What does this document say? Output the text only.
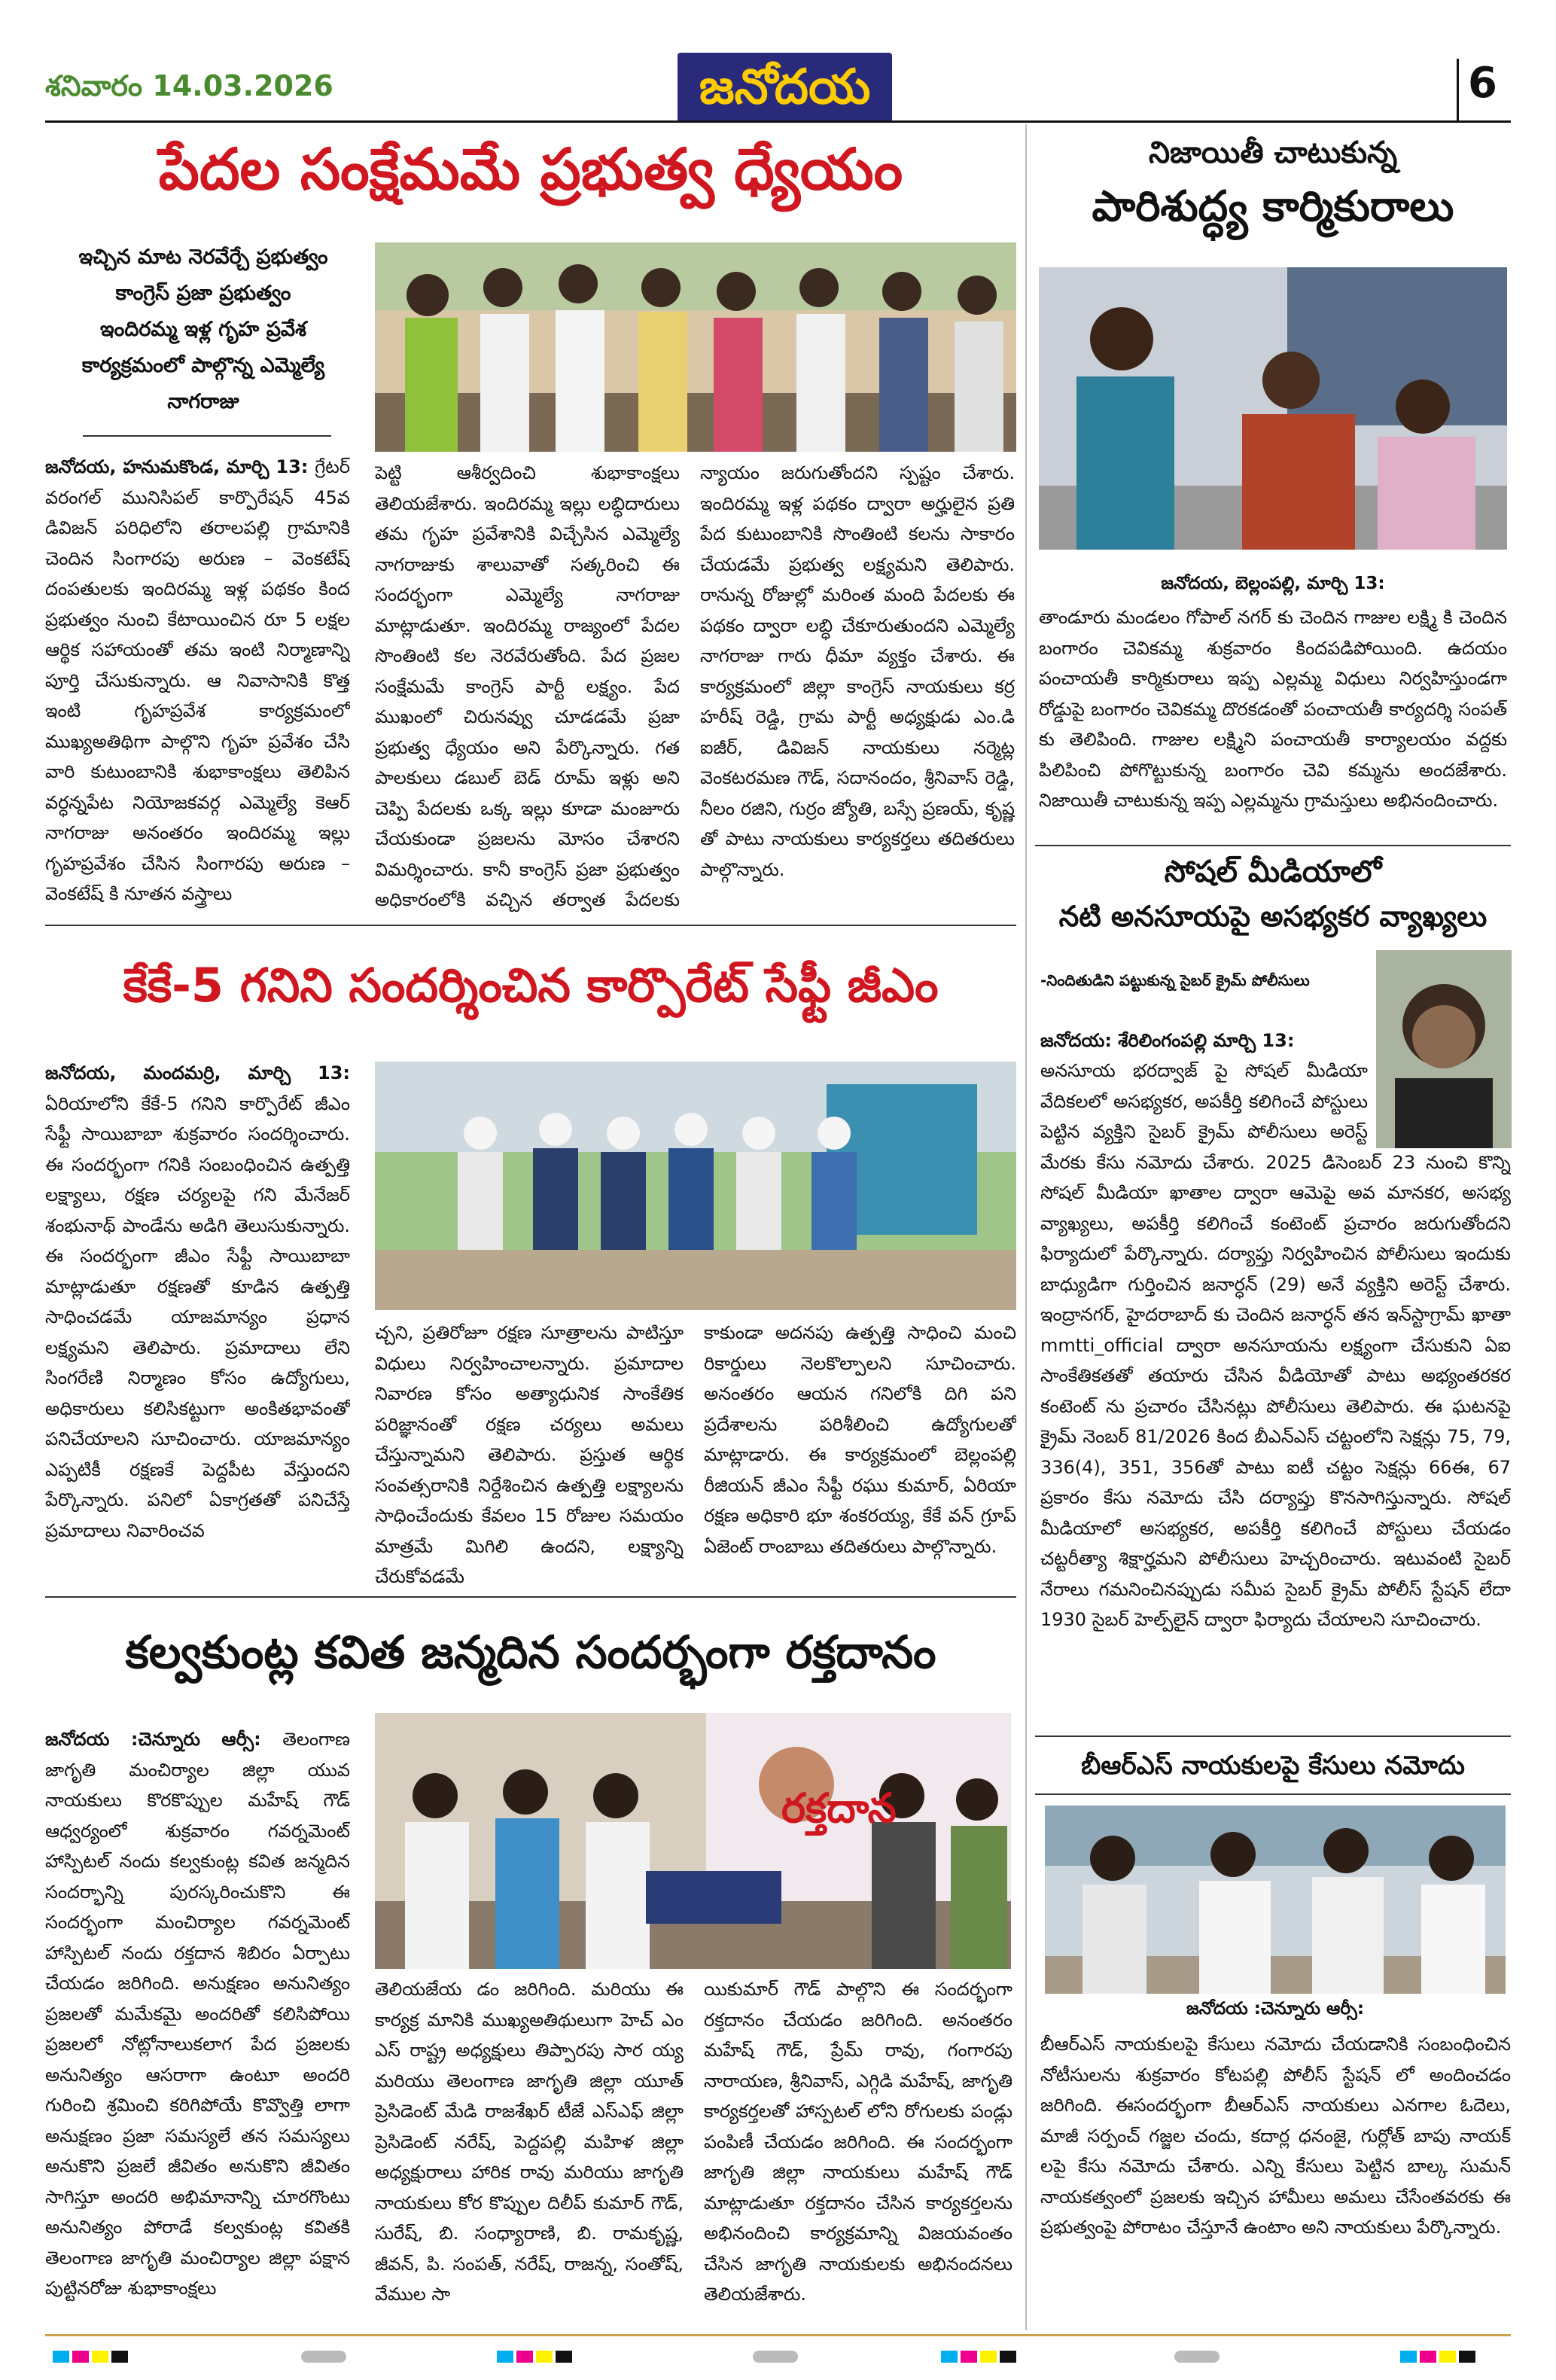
శనివారం 14.03.2026	జనోదయ	6
పేదల సంక్షేమమే ప్రభుత్వ ధ్యేయం
ఇచ్చిన మాట నెరవేర్చే ప్రభుత్వం
కాంగ్రెస్ ప్రజా ప్రభుత్వం
ఇందిరమ్మ ఇళ్ల గృహ ప్రవేశ
కార్యక్రమంలో పాల్గొన్న ఎమ్మెల్యే
నాగరాజు
జనోదయ, హనుమకొండ, మార్చి 13: గ్రేటర్ వరంగల్ మునిసిపల్ కార్పొరేషన్ 45వ డివిజన్ పరిధిలోని తరాలపల్లి గ్రామానికి చెందిన సింగారపు అరుణ – వెంకటేష్ దంపతులకు ఇందిరమ్మ ఇళ్ల పథకం కింద ప్రభుత్వం నుంచి కేటాయించిన రూ 5 లక్షల ఆర్థిక సహాయంతో తమ ఇంటి నిర్మాణాన్ని పూర్తి చేసుకున్నారు. ఆ నివాసానికి కొత్త ఇంటి గృహప్రవేశ కార్యక్రమంలో ముఖ్యఅతిథిగా పాల్గొని గృహ ప్రవేశం చేసి వారి కుటుంబానికి శుభాకాంక్షలు తెలిపిన వర్ధన్నపేట నియోజకవర్గ ఎమ్మెల్యే కెఆర్ నాగరాజు అనంతరం ఇందిరమ్మ ఇల్లు గృహప్రవేశం చేసిన సింగారపు అరుణ – వెంకటేష్ కి నూతన వస్త్రాలు
పెట్టి ఆశీర్వదించి శుభాకాంక్షలు తెలియజేశారు. ఇందిరమ్మ ఇల్లు లబ్ధిదారులు తమ గృహ ప్రవేశానికి విచ్చేసిన ఎమ్మెల్యే నాగరాజుకు శాలువాతో సత్కరించి ఈ సందర్భంగా ఎమ్మెల్యే నాగరాజు మాట్లాడుతూ. ఇందిరమ్మ రాజ్యంలో పేదల సొంతింటి కల నెరవేరుతోంది. పేద ప్రజల సంక్షేమమే కాంగ్రెస్ పార్టీ లక్ష్యం. పేద ముఖంలో చిరునవ్వు చూడడమే ప్రజా ప్రభుత్వ ధ్యేయం అని పేర్కొన్నారు. గత పాలకులు డబుల్ బెడ్ రూమ్ ఇళ్లు అని చెప్పి పేదలకు ఒక్క ఇల్లు కూడా మంజూరు చేయకుండా ప్రజలను మోసం చేశారని విమర్శించారు. కానీ కాంగ్రెస్ ప్రజా ప్రభుత్వం అధికారంలోకి వచ్చిన తర్వాత పేదలకు
న్యాయం జరుగుతోందని స్పష్టం చేశారు. ఇందిరమ్మ ఇళ్ల పథకం ద్వారా అర్హులైన ప్రతి పేద కుటుంబానికి సొంతింటి కలను సాకారం చేయడమే ప్రభుత్వ లక్ష్యమని తెలిపారు. రానున్న రోజుల్లో మరింత మంది పేదలకు ఈ పథకం ద్వారా లబ్ధి చేకూరుతుందని ఎమ్మెల్యే నాగరాజు గారు ధీమా వ్యక్తం చేశారు. ఈ కార్యక్రమంలో జిల్లా కాంగ్రెస్ నాయకులు కర్ర హరీష్ రెడ్డి, గ్రామ పార్టీ అధ్యక్షుడు ఎం.డి ఐజీర్, డివిజన్ నాయకులు నర్మెట్ల వెంకటరమణ గౌడ్, సదానందం, శ్రీనివాస్ రెడ్డి, నీలం రజిని, గుర్రం జ్యోతి, బస్సే ప్రణయ్, కృష్ణ తో పాటు నాయకులు కార్యకర్తలు తదితరులు పాల్గొన్నారు.
నిజాయితీ చాటుకున్న
పారిశుద్ధ్య కార్మికురాలు
జనోదయ, బెల్లంపల్లి, మార్చి 13:
తాండూరు మండలం గోపాల్ నగర్ కు చెందిన గాజుల లక్ష్మి కి చెందిన బంగారం చెవికమ్మ శుక్రవారం కిందపడిపోయింది. ఉదయం పంచాయతీ కార్మికురాలు ఇప్ప ఎల్లమ్మ విధులు నిర్వహిస్తుండగా రోడ్డుపై బంగారం చెవికమ్మ దొరకడంతో పంచాయతీ కార్యదర్శి సంపత్ కు తెలిపింది. గాజుల లక్ష్మిని పంచాయతీ కార్యాలయం వద్దకు పిలిపించి పోగొట్టుకున్న బంగారం చెవి కమ్మను అందజేశారు. నిజాయితీ చాటుకున్న ఇప్ప ఎల్లమ్మను గ్రామస్తులు అభినందించారు.
సోషల్ మీడియాలో
నటి అనసూయపై అసభ్యకర వ్యాఖ్యలు
-నిందితుడిని పట్టుకున్న సైబర్ క్రైమ్ పోలీసులు
జనోదయ: శేరిలింగంపల్లి మార్చి 13:
అనసూయ భరద్వాజ్ పై సోషల్ మీడియా వేదికలలో అసభ్యకర, అపకీర్తి కలిగించే పోస్టులు పెట్టిన వ్యక్తిని సైబర్ క్రైమ్ పోలీసులు అరెస్ట్
మేరకు కేసు నమోదు చేశారు. 2025 డిసెంబర్ 23 నుంచి కొన్ని సోషల్ మీడియా ఖాతాల ద్వారా ఆమెపై అవ మానకర, అసభ్య వ్యాఖ్యలు, అపకీర్తి కలిగించే కంటెంట్ ప్రచారం జరుగుతోందని ఫిర్యాదులో పేర్కొన్నారు. దర్యాప్తు నిర్వహించిన పోలీసులు ఇందుకు బాధ్యుడిగా గుర్తించిన జనార్ధన్ (29) అనే వ్యక్తిని అరెస్ట్ చేశారు. ఇంద్రానగర్, హైదరాబాద్ కు చెందిన జనార్ధన్ తన ఇన్‌స్టాగ్రామ్ ఖాతా mmtti_official ద్వారా అనసూయను లక్ష్యంగా చేసుకుని ఏఐ సాంకేతికతతో తయారు చేసిన వీడియోతో పాటు అభ్యంతరకర కంటెంట్ ను ప్రచారం చేసినట్లు పోలీసులు తెలిపారు. ఈ ఘటనపై క్రైమ్ నెంబర్ 81/2026 కింద బీఎన్ఎస్ చట్టంలోని సెక్షన్లు 75, 79, 336(4), 351, 356తో పాటు ఐటీ చట్టం సెక్షన్లు 66ఈ, 67 ప్రకారం కేసు నమోదు చేసి దర్యాప్తు కొనసాగిస్తున్నారు. సోషల్ మీడియాలో అసభ్యకర, అపకీర్తి కలిగించే పోస్టులు చేయడం చట్టరీత్యా శిక్షార్హమని పోలీసులు హెచ్చరించారు. ఇటువంటి సైబర్ నేరాలు గమనించినప్పుడు సమీప సైబర్ క్రైమ్ పోలీస్ స్టేషన్ లేదా 1930 సైబర్ హెల్ప్‌లైన్ ద్వారా ఫిర్యాదు చేయాలని సూచించారు.
కేకే-5 గనిని సందర్శించిన కార్పొరేట్ సేఫ్టీ జీఎం
జనోదయ, మందమర్రి, మార్చి 13: ఏరియాలోని కేకే-5 గనిని కార్పొరేట్ జీఎం సేఫ్టీ సాయిబాబా శుక్రవారం సందర్శించారు. ఈ సందర్భంగా గనికి సంబంధించిన ఉత్పత్తి లక్ష్యాలు, రక్షణ చర్యలపై గని మేనేజర్ శంభునాథ్ పాండేను అడిగి తెలుసుకున్నారు. ఈ సందర్భంగా జీఎం సేఫ్టీ సాయిబాబా మాట్లాడుతూ రక్షణతో కూడిన ఉత్పత్తి సాధించడమే యాజమాన్యం ప్రధాన లక్ష్యమని తెలిపారు. ప్రమాదాలు లేని సింగరేణి నిర్మాణం కోసం ఉద్యోగులు, అధికారులు కలిసికట్టుగా అంకితభావంతో పనిచేయాలని సూచించారు. యాజమాన్యం ఎప్పటికీ రక్షణకే పెద్దపీట వేస్తుందని పేర్కొన్నారు. పనిలో ఏకాగ్రతతో పనిచేస్తే ప్రమాదాలు నివారించవ
చ్చని, ప్రతిరోజూ రక్షణ సూత్రాలను పాటిస్తూ విధులు నిర్వహించాలన్నారు. ప్రమాదాల నివారణ కోసం అత్యాధునిక సాంకేతిక పరిజ్ఞానంతో రక్షణ చర్యలు అమలు చేస్తున్నామని తెలిపారు. ప్రస్తుత ఆర్థిక సంవత్సరానికి నిర్దేశించిన ఉత్పత్తి లక్ష్యాలను సాధించేందుకు కేవలం 15 రోజుల సమయం మాత్రమే మిగిలి ఉందని, లక్ష్యాన్ని చేరుకోవడమే
కాకుండా అదనపు ఉత్పత్తి సాధించి మంచి రికార్డులు నెలకొల్పాలని సూచించారు. అనంతరం ఆయన గనిలోకి దిగి పని ప్రదేశాలను పరిశీలించి ఉద్యోగులతో మాట్లాడారు. ఈ కార్యక్రమంలో బెల్లంపల్లి రీజియన్ జీఎం సేఫ్టీ రఘు కుమార్, ఏరియా రక్షణ అధికారి భూ శంకరయ్య, కేకే వన్ గ్రూప్ ఏజెంట్ రాంబాబు తదితరులు పాల్గొన్నారు.
కల్వకుంట్ల కవిత జన్మదిన సందర్భంగా రక్తదానం
రక్తదాన
జనోదయ :చెన్నూరు ఆర్సీ: తెలంగాణ జాగృతి మంచిర్యాల జిల్లా యువ నాయకులు కొరకొప్పుల మహేష్ గౌడ్ ఆధ్వర్యంలో శుక్రవారం గవర్నమెంట్ హాస్పిటల్ నందు కల్వకుంట్ల కవిత జన్మదిన సందర్భాన్ని పురస్కరించుకొని ఈ సందర్భంగా మంచిర్యాల గవర్నమెంట్ హాస్పిటల్ నందు రక్తదాన శిబిరం ఏర్పాటు చేయడం జరిగింది. అనుక్షణం అనునిత్యం ప్రజలతో మమేకమై అందరితో కలిసిపోయి ప్రజలలో నోట్లోనాలుకలాగ పేద ప్రజలకు అనునిత్యం ఆసరాగా ఉంటూ అందరి గురించి శ్రమించి కరిగిపోయే కొవ్వొత్తి లాగా అనుక్షణం ప్రజా సమస్యలే తన సమస్యలు అనుకొని ప్రజలే జీవితం అనుకొని జీవితం సాగిస్తూ అందరి అభిమానాన్ని చూరగొంటు అనునిత్యం పోరాడే కల్వకుంట్ల కవితకి తెలంగాణ జాగృతి మంచిర్యాల జిల్లా పక్షాన పుట్టినరోజు శుభాకాంక్షలు
తెలియజేయ డం జరిగింది. మరియు ఈ కార్యక్ర మానికి ముఖ్యఅతిథులుగా హెచ్ ఎం ఎస్ రాష్ట్ర అధ్యక్షులు తిప్పారపు సార య్య మరియు తెలంగాణ జాగృతి జిల్లా యూత్ ప్రెసిడెంట్ మేడి రాజశేఖర్ టీజే ఎస్ఎఫ్ జిల్లా ప్రెసిడెంట్ నరేష్, పెద్దపల్లి మహిళ జిల్లా అధ్యక్షురాలు హారిక రావు మరియు జాగృతి నాయకులు కోర కొప్పుల దిలీప్ కుమార్ గౌడ్, సురేష్, బి. సంధ్యారాణి, బి. రామకృష్ణ, జీవన్, పి. సంపత్, నరేష్, రాజన్న, సంతోష్, వేముల సా
యికుమార్ గౌడ్ పాల్గొని ఈ సందర్భంగా రక్తదానం చేయడం జరిగింది. అనంతరం మహేష్ గౌడ్, ప్రేమ్ రావు, గంగారపు నారాయణ, శ్రీనివాస్, ఎగ్గిడి మహేష్, జాగృతి కార్యకర్తలతో హాస్పటల్ లోని రోగులకు పండ్లు పంపిణీ చేయడం జరిగింది. ఈ సందర్భంగా జాగృతి జిల్లా నాయకులు మహేష్ గౌడ్ మాట్లాడుతూ రక్తదానం చేసిన కార్యకర్తలను అభినందించి కార్యక్రమాన్ని విజయవంతం చేసిన జాగృతి నాయకులకు అభినందనలు తెలియజేశారు.
బీఆర్ఎస్ నాయకులపై కేసులు నమోదు
జనోదయ :చెన్నూరు ఆర్సీ:
బీఆర్ఎస్ నాయకులపై కేసులు నమోదు చేయడానికి సంబంధించిన నోటీసులను శుక్రవారం కోటపల్లి పోలీస్ స్టేషన్ లో అందించడం జరిగింది. ఈసందర్భంగా బీఆర్ఎస్ నాయకులు ఎనగాల ఓదెలు, మాజీ సర్పంచ్ గజ్జల చందు, కదార్ల ధనంజై, గుర్లోత్ బాపు నాయక్ లపై కేసు నమోదు చేశారు. ఎన్ని కేసులు పెట్టిన బాల్క సుమన్ నాయకత్వంలో ప్రజలకు ఇచ్చిన హామీలు అమలు చేసేంతవరకు ఈ ప్రభుత్వంపై పోరాటం చేస్తూనే ఉంటాం అని నాయకులు పేర్కొన్నారు.
